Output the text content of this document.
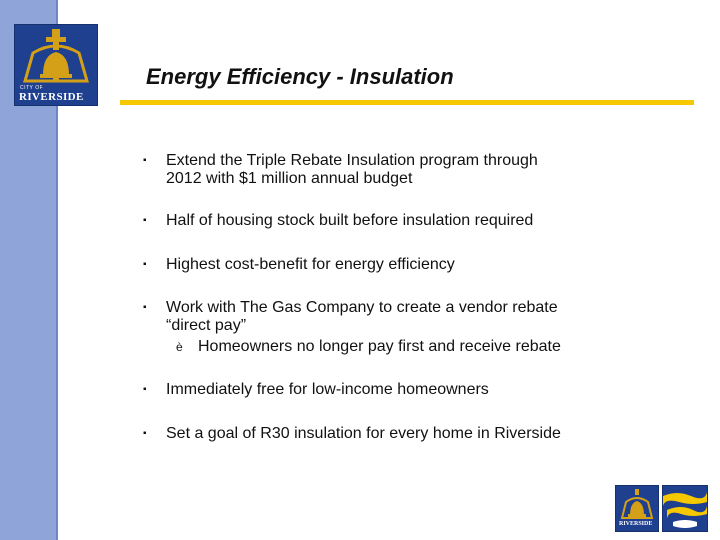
CITY OF
RIVERSIDE
Energy Efficiency - Insulation
▪ Extend the Triple Rebate Insulation program through
2012 with $1 million annual budget
▪ Half of housing stock built before insulation required
▪ Highest cost-benefit for energy efficiency
▪ Work with The Gas Company to create a vendor rebate
“direct pay”
è Homeowners no longer pay first and receive rebate
▪ Immediately free for low-income homeowners
▪ Set a goal of R30 insulation for every home in Riverside
RIVERSIDE
